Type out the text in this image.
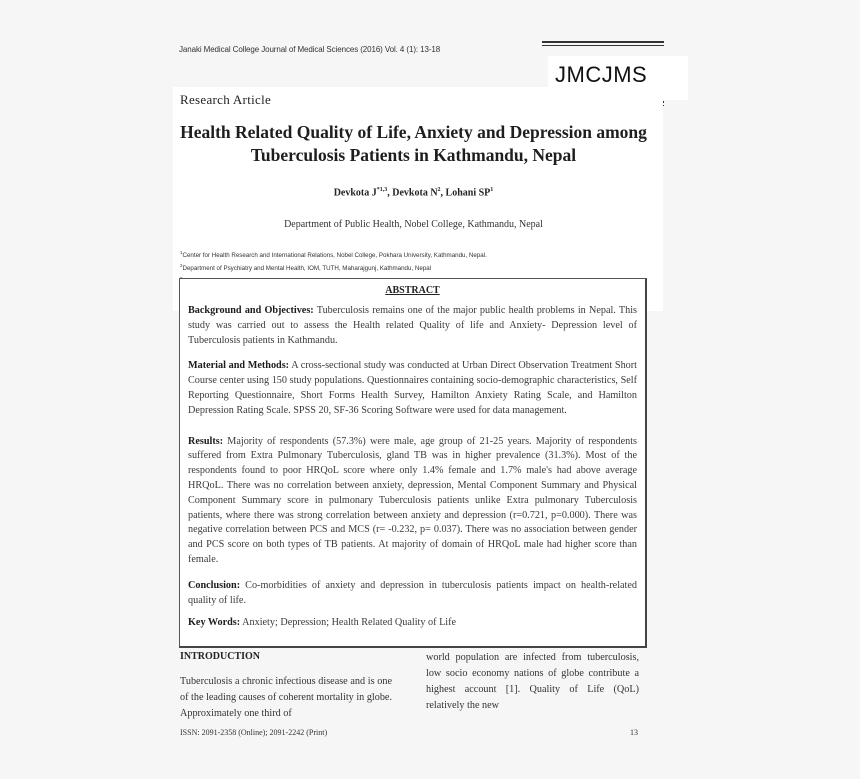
Janaki Medical College Journal of Medical Sciences (2016) Vol. 4 (1): 13-18
JMCJMS
Research Article
Health Related Quality of Life, Anxiety and Depression among Tuberculosis Patients in Kathmandu, Nepal
Devkota J$^{*1,3}$, Devkota $N^2$, Lohani $SP^1$
Department of Public Health, Nobel College, Kathmandu, Nepal
$^1$Center for Health Research and International Relations, Nobel College, Pokhara University, Kathmandu, Nepal.
$^2$Department of Psychiatry and Mental Health, IOM, TUTH, Maharajgunj, Kathmandu, Nepal
ABSTRACT

Background and Objectives: Tuberculosis remains one of the major public health problems in Nepal. This study was carried out to assess the Health related Quality of life and Anxiety- Depression level of Tuberculosis patients in Kathmandu.

Material and Methods: A cross-sectional study was conducted at Urban Direct Observation Treatment Short Course center using 150 study populations. Questionnaires containing socio-demographic characteristics, Self Reporting Questionnaire, Short Forms Health Survey, Hamilton Anxiety Rating Scale, and Hamilton Depression Rating Scale. SPSS 20, SF-36 Scoring Software were used for data management.

Results: Majority of respondents (57.3%) were male, age group of 21-25 years. Majority of respondents suffered from Extra Pulmonary Tuberculosis, gland TB was in higher prevalence (31.3%). Most of the respondents found to poor HRQoL score where only 1.4% female and 1.7% male's had above average HRQoL. There was no correlation between anxiety, depression, Mental Component Summary and Physical Component Summary score in pulmonary Tuberculosis patients unlike Extra pulmonary Tuberculosis patients, where there was strong correlation between anxiety and depression (r=0.721, p=0.000). There was negative correlation between PCS and MCS (r= -0.232, p= 0.037). There was no association between gender and PCS score on both types of TB patients. At majority of domain of HRQoL male had higher score than female.

Conclusion: Co-morbidities of anxiety and depression in tuberculosis patients impact on health-related quality of life.

Key Words: Anxiety; Depression; Health Related Quality of Life

INTRODUCTION
Tuberculosis a chronic infectious disease and is one of the leading causes of coherent mortality in globe. Approximately one third of
world population are infected from tuberculosis, low socio economy nations of globe contribute a highest account [1]. Quality of Life (QoL) relatively the new
ISSN: 2091-2358 (Online); 2091-2242 (Print)	13
